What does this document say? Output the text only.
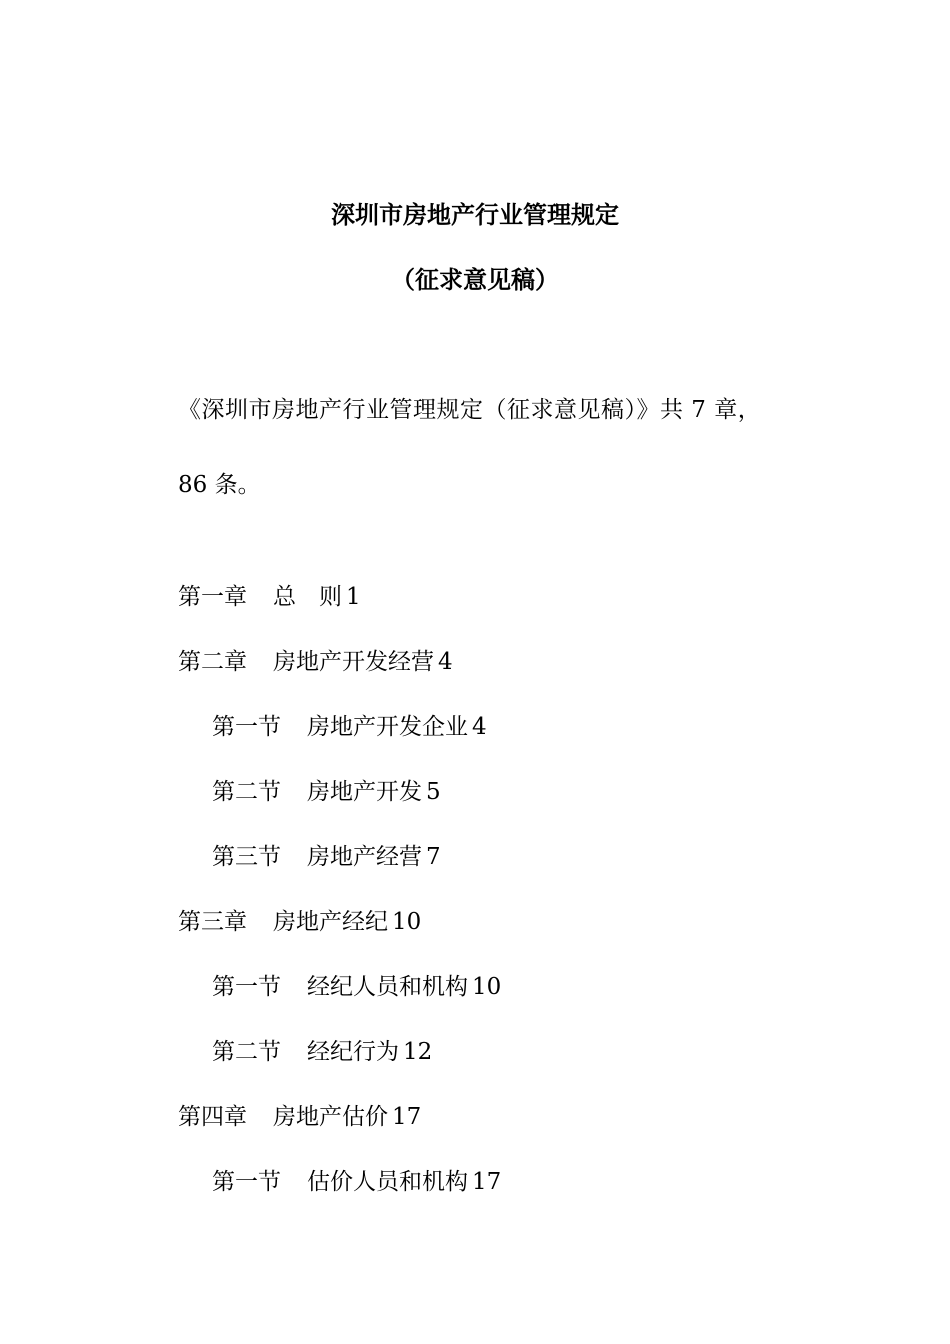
深圳市房地产行业管理规定
（征求意见稿）
《深圳市房地产行业管理规定（征求意见稿）》共 7 章，
86 条。
第一章 总　则 1
第二章 房地产开发经营 4
第一节 房地产开发企业 4
第二节 房地产开发 5
第三节 房地产经营 7
第三章 房地产经纪 10
第一节 经纪人员和机构 10
第二节 经纪行为 12
第四章 房地产估价 17
第一节 估价人员和机构 17
